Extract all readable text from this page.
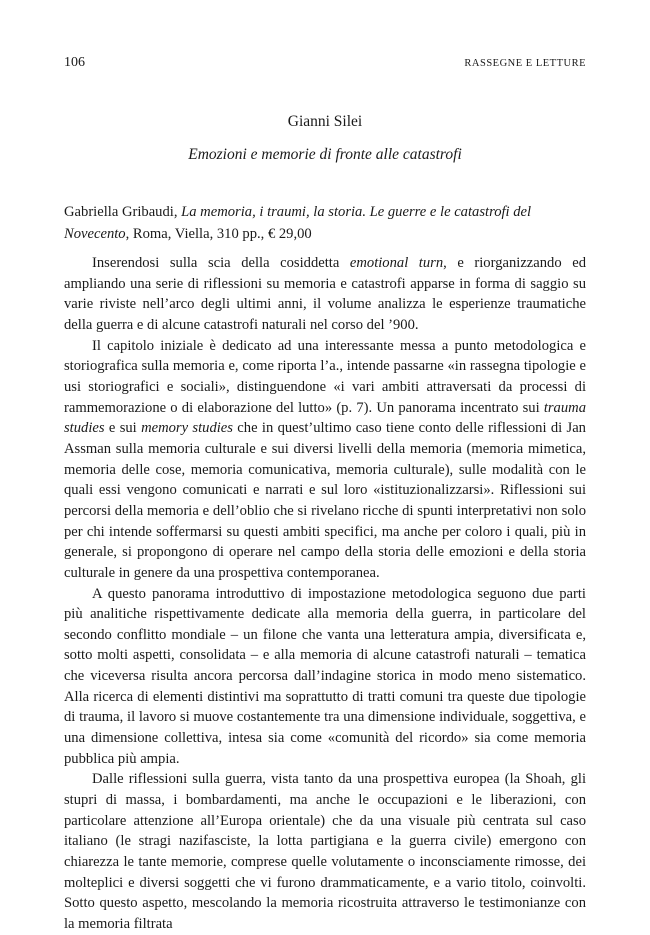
106	RASSEGNE E LETTURE
Gianni Silei
Emozioni e memorie di fronte alle catastrofi
Gabriella Gribaudi, La memoria, i traumi, la storia. Le guerre e le catastrofi del Novecento, Roma, Viella, 310 pp., € 29,00

Inserendosi sulla scia della cosiddetta emotional turn, e riorganizzando ed ampliando una serie di riflessioni su memoria e catastrofi apparse in forma di saggio su varie riviste nell’arco degli ultimi anni, il volume analizza le esperienze traumatiche della guerra e di alcune catastrofi naturali nel corso del ’900.

Il capitolo iniziale è dedicato ad una interessante messa a punto metodologica e storiografica sulla memoria e, come riporta l’a., intende passarne «in rassegna tipologie e usi storiografici e sociali», distinguendone «i vari ambiti attraversati da processi di rammemorazione o di elaborazione del lutto» (p. 7). Un panorama incentrato sui trauma studies e sui memory studies che in quest’ultimo caso tiene conto delle riflessioni di Jan Assman sulla memoria culturale e sui diversi livelli della memoria (memoria mimetica, memoria delle cose, memoria comunicativa, memoria culturale), sulle modalità con le quali essi vengono comunicati e narrati e sul loro «istituzionalizzarsi». Riflessioni sui percorsi della memoria e dell’oblio che si rivelano ricche di spunti interpretativi non solo per chi intende soffermarsi su questi ambiti specifici, ma anche per coloro i quali, più in generale, si propongono di operare nel campo della storia delle emozioni e della storia culturale in genere da una prospettiva contemporanea.

A questo panorama introduttivo di impostazione metodologica seguono due parti più analitiche rispettivamente dedicate alla memoria della guerra, in particolare del secondo conflitto mondiale – un filone che vanta una letteratura ampia, diversificata e, sotto molti aspetti, consolidata – e alla memoria di alcune catastrofi naturali – tematica che viceversa risulta ancora percorsa dall’indagine storica in modo meno sistematico. Alla ricerca di elementi distintivi ma soprattutto di tratti comuni tra queste due tipologie di trauma, il lavoro si muove costantemente tra una dimensione individuale, soggettiva, e una dimensione collettiva, intesa sia come «comunità del ricordo» sia come memoria pubblica più ampia.

Dalle riflessioni sulla guerra, vista tanto da una prospettiva europea (la Shoah, gli stupri di massa, i bombardamenti, ma anche le occupazioni e le liberazioni, con particolare attenzione all’Europa orientale) che da una visuale più centrata sul caso italiano (le stragi nazifasciste, la lotta partigiana e la guerra civile) emergono con chiarezza le tante memorie, comprese quelle volutamente o inconsciamente rimosse, dei molteplici e diversi soggetti che vi furono drammaticamente, e a vario titolo, coinvolti. Sotto questo aspetto, mescolando la memoria ricostruita attraverso le testimonianze con la memoria filtrata
